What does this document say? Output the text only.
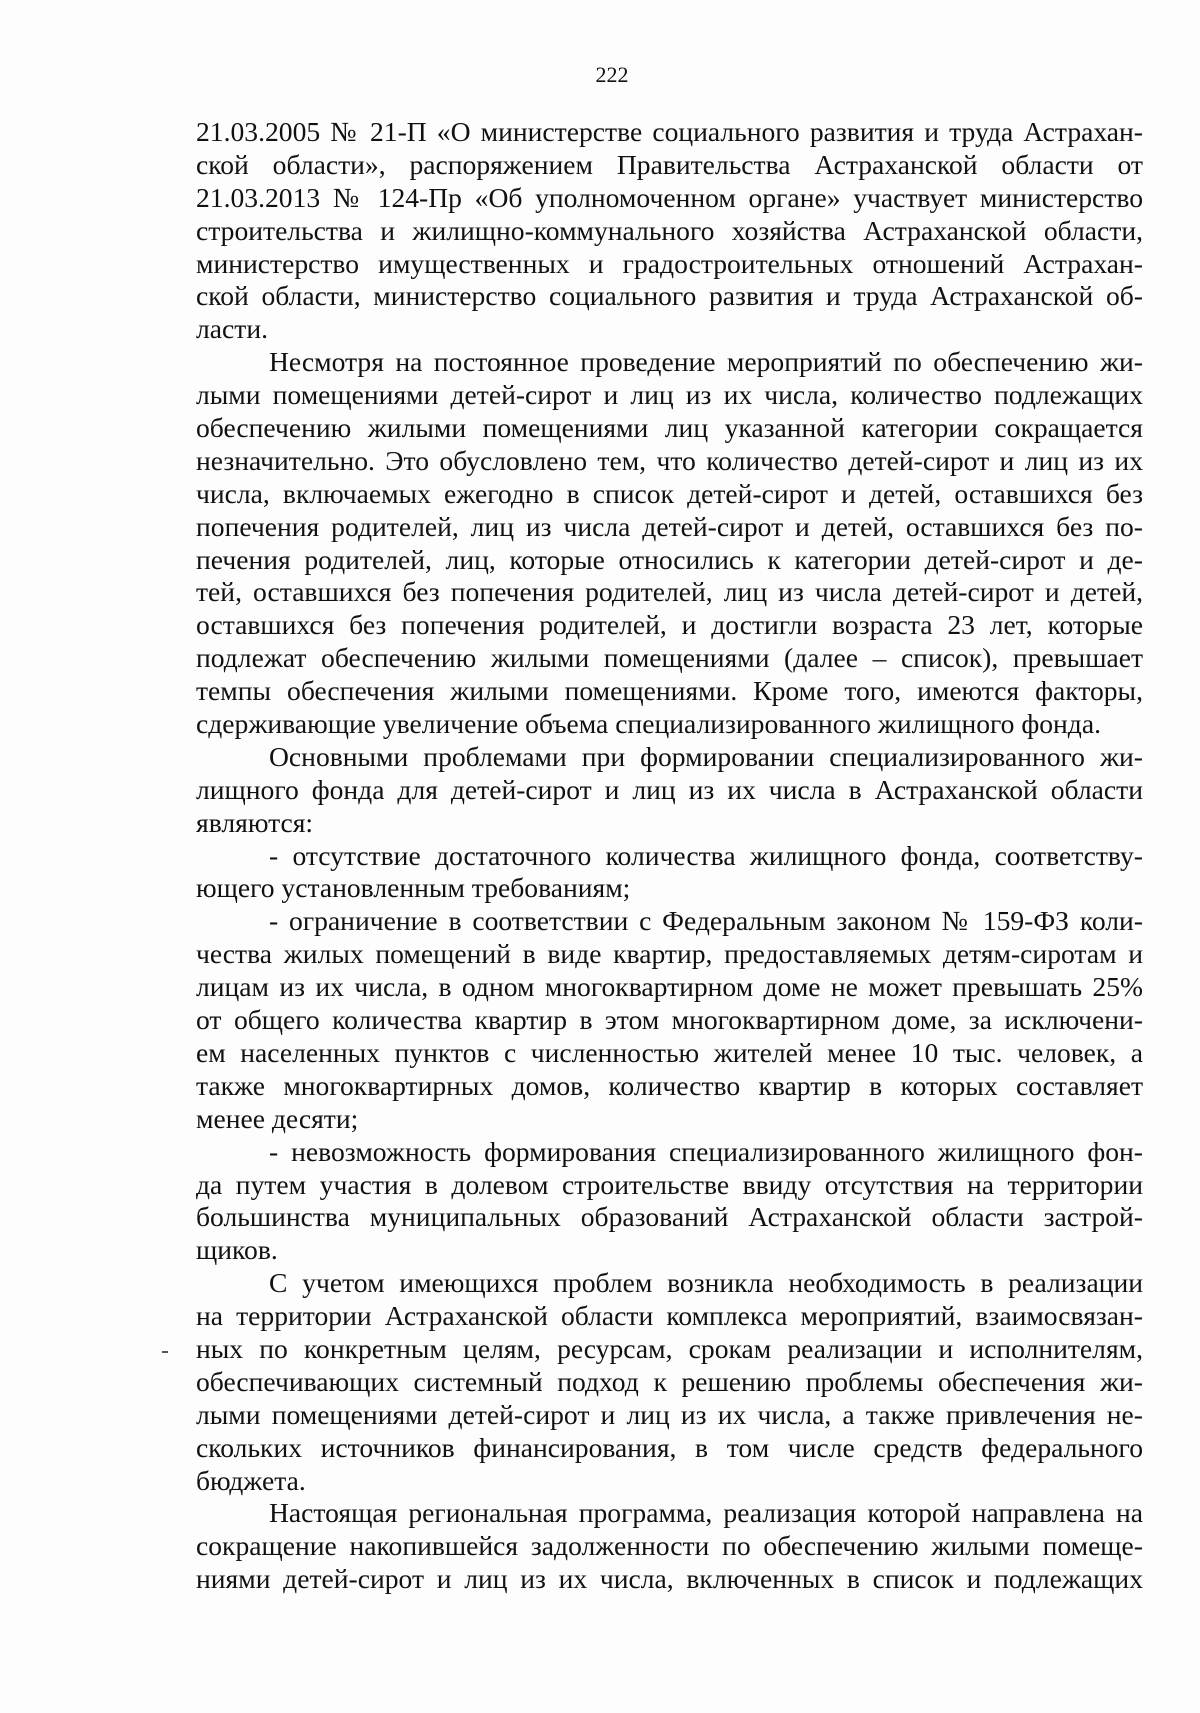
222
21.03.2005 № 21-П «О министерстве социального развития и труда Астрахан-
ской области», распоряжением Правительства Астраханской области от
21.03.2013 № 124-Пр «Об уполномоченном органе» участвует министерство
строительства и жилищно-коммунального хозяйства Астраханской области,
министерство имущественных и градостроительных отношений Астрахан-
ской области, министерство социального развития и труда Астраханской об-
ласти.
Несмотря на постоянное проведение мероприятий по обеспечению жи-
лыми помещениями детей-сирот и лиц из их числа, количество подлежащих
обеспечению жилыми помещениями лиц указанной категории сокращается
незначительно. Это обусловлено тем, что количество детей-сирот и лиц из их
числа, включаемых ежегодно в список детей-сирот и детей, оставшихся без
попечения родителей, лиц из числа детей-сирот и детей, оставшихся без по-
печения родителей, лиц, которые относились к категории детей-сирот и де-
тей, оставшихся без попечения родителей, лиц из числа детей-сирот и детей,
оставшихся без попечения родителей, и достигли возраста 23 лет, которые
подлежат обеспечению жилыми помещениями (далее – список), превышает
темпы обеспечения жилыми помещениями. Кроме того, имеются факторы,
сдерживающие увеличение объема специализированного жилищного фонда.
Основными проблемами при формировании специализированного жи-
лищного фонда для детей-сирот и лиц из их числа в Астраханской области
являются:
- отсутствие достаточного количества жилищного фонда, соответству-
ющего установленным требованиям;
- ограничение в соответствии с Федеральным законом № 159-ФЗ коли-
чества жилых помещений в виде квартир, предоставляемых детям-сиротам и
лицам из их числа, в одном многоквартирном доме не может превышать 25%
от общего количества квартир в этом многоквартирном доме, за исключени-
ем населенных пунктов с численностью жителей менее 10 тыс. человек, а
также многоквартирных домов, количество квартир в которых составляет
менее десяти;
- невозможность формирования специализированного жилищного фон-
да путем участия в долевом строительстве ввиду отсутствия на территории
большинства муниципальных образований Астраханской области застрой-
щиков.
С учетом имеющихся проблем возникла необходимость в реализации
на территории Астраханской области комплекса мероприятий, взаимосвязан-
ных по конкретным целям, ресурсам, срокам реализации и исполнителям,
обеспечивающих системный подход к решению проблемы обеспечения жи-
лыми помещениями детей-сирот и лиц из их числа, а также привлечения не-
скольких источников финансирования, в том числе средств федерального
бюджета.
Настоящая региональная программа, реализация которой направлена на
сокращение накопившейся задолженности по обеспечению жилыми помеще-
ниями детей-сирот и лиц из их числа, включенных в список и подлежащих
